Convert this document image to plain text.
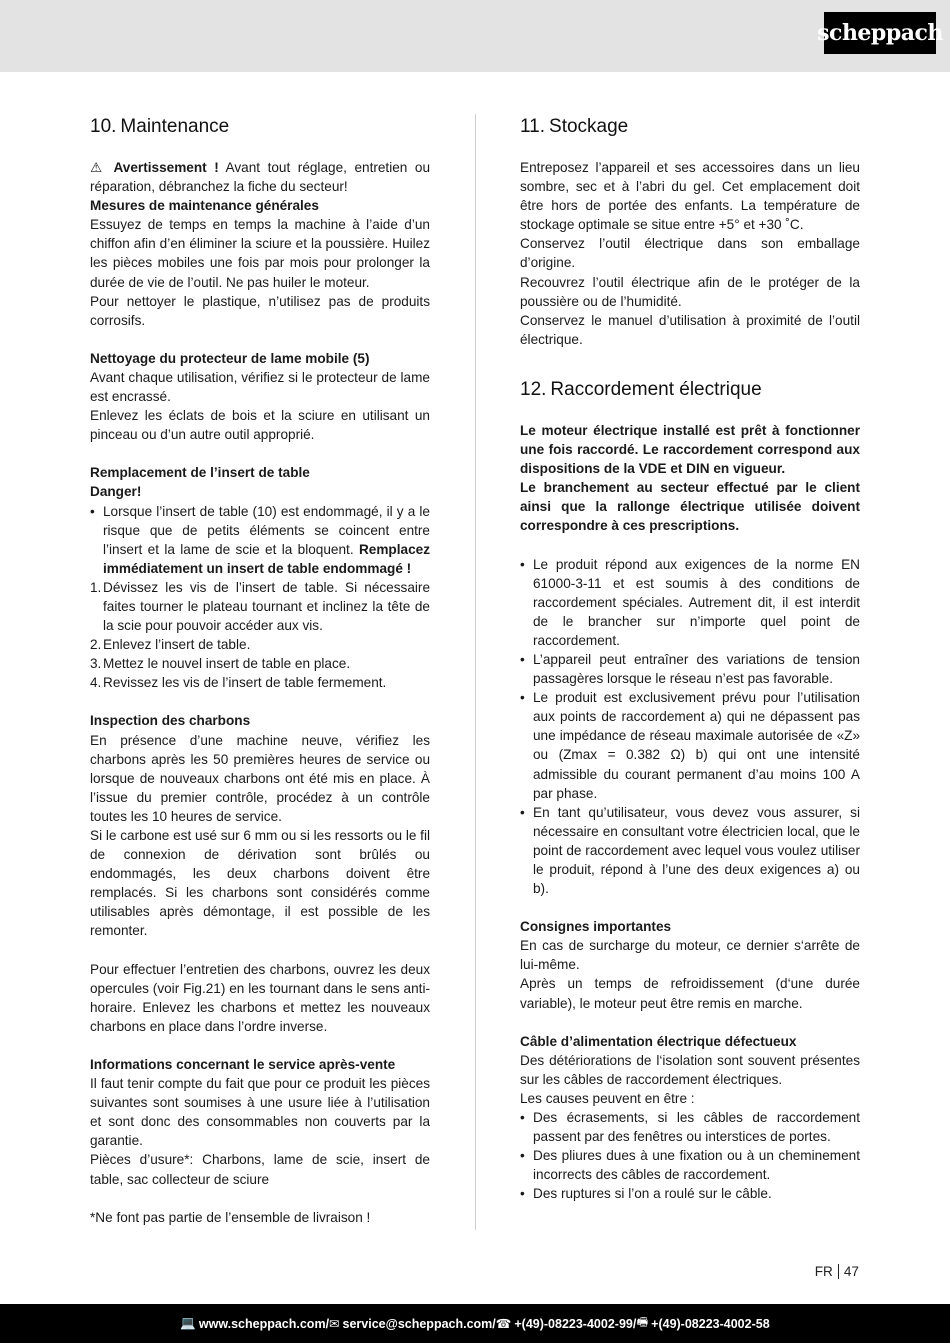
scheppach
10. Maintenance

⚠ Avertissement ! Avant tout réglage, entretien ou réparation, débranchez la fiche du secteur!

Mesures de maintenance générales

Essuyez de temps en temps la machine à l’aide d’un chiffon afin d’en éliminer la sciure et la poussière. Huilez les pièces mobiles une fois par mois pour prolonger la durée de vie de l’outil. Ne pas huiler le moteur.

Pour nettoyer le plastique, n’utilisez pas de produits corrosifs.

Nettoyage du protecteur de lame mobile (5)

Avant chaque utilisation, vérifiez si le protecteur de lame est encrassé.

Enlevez les éclats de bois et la sciure en utilisant un pinceau ou d’un autre outil approprié.

Remplacement de l’insert de table

Danger!

• Lorsque l’insert de table (10) est endommagé, il y a le risque que de petits éléments se coincent entre l’insert et la lame de scie et la bloquent. Remplacez immédiatement un insert de table endommagé !
1. Dévissez les vis de l’insert de table. Si nécessaire faites tourner le plateau tournant et inclinez la tête de la scie pour pouvoir accéder aux vis.
2. Enlevez l’insert de table.
3. Mettez le nouvel insert de table en place.
4. Revissez les vis de l’insert de table fermement.

Inspection des charbons

En présence d’une machine neuve, vérifiez les charbons après les 50 premières heures de service ou lorsque de nouveaux charbons ont été mis en place. À l’issue du premier contrôle, procédez à un contrôle toutes les 10 heures de service.

Si le carbone est usé sur 6 mm ou si les ressorts ou le fil de connexion de dérivation sont brûlés ou endommagés, les deux charbons doivent être remplacés. Si les charbons sont considérés comme utilisables après démontage, il est possible de les remonter.

Pour effectuer l’entretien des charbons, ouvrez les deux opercules (voir Fig.21) en les tournant dans le sens anti-horaire. Enlevez les charbons et mettez les nouveaux charbons en place dans l’ordre inverse.

Informations concernant le service après-vente

Il faut tenir compte du fait que pour ce produit les pièces suivantes sont soumises à une usure liée à l’utilisation et sont donc des consommables non couverts par la garantie.

Pièces d’usure*: Charbons, lame de scie, insert de table, sac collecteur de sciure

*Ne font pas partie de l’ensemble de livraison !

11. Stockage

Entreposez l’appareil et ses accessoires dans un lieu sombre, sec et à l’abri du gel. Cet emplacement doit être hors de portée des enfants. La température de stockage optimale se situe entre +5° et +30 ˚C.

Conservez l’outil électrique dans son emballage d’origine.

Recouvrez l’outil électrique afin de le protéger de la poussière ou de l’humidité.

Conservez le manuel d’utilisation à proximité de l’outil électrique.

12. Raccordement électrique

Le moteur électrique installé est prêt à fonctionner une fois raccordé. Le raccordement correspond aux dispositions de la VDE et DIN en vigueur.

Le branchement au secteur effectué par le client ainsi que la rallonge électrique utilisée doivent correspondre à ces prescriptions.

• Le produit répond aux exigences de la norme EN 61000-3-11 et est soumis à des conditions de raccordement spéciales. Autrement dit, il est interdit de le brancher sur n’importe quel point de raccordement.
• L’appareil peut entraîner des variations de tension passagères lorsque le réseau n’est pas favorable.
• Le produit est exclusivement prévu pour l’utilisation aux points de raccordement a) qui ne dépassent pas une impédance de réseau maximale autorisée de «Z» ou (Zmax = 0.382 Ω) b) qui ont une intensité admissible du courant permanent d’au moins 100 A par phase.
• En tant qu’utilisateur, vous devez vous assurer, si nécessaire en consultant votre électricien local, que le point de raccordement avec lequel vous voulez utiliser le produit, répond à l’une des deux exigences a) ou b).

Consignes importantes

En cas de surcharge du moteur, ce dernier s‘arrête de lui-même.

Après un temps de refroidissement (d‘une durée variable), le moteur peut être remis en marche.

Câble d’alimentation électrique défectueux

Des détériorations de l‘isolation sont souvent présentes sur les câbles de raccordement électriques.

Les causes peuvent en être :

• Des écrasements, si les câbles de raccordement passent par des fenêtres ou interstices de portes.
• Des pliures dues à une fixation ou à un cheminement incorrects des câbles de raccordement.
• Des ruptures si l’on a roulé sur le câble.
FR 47
💻 www.scheppach.com / ✉ service@scheppach.com / ☎ +(49)-08223-4002-99 / 🖷 +(49)-08223-4002-58
